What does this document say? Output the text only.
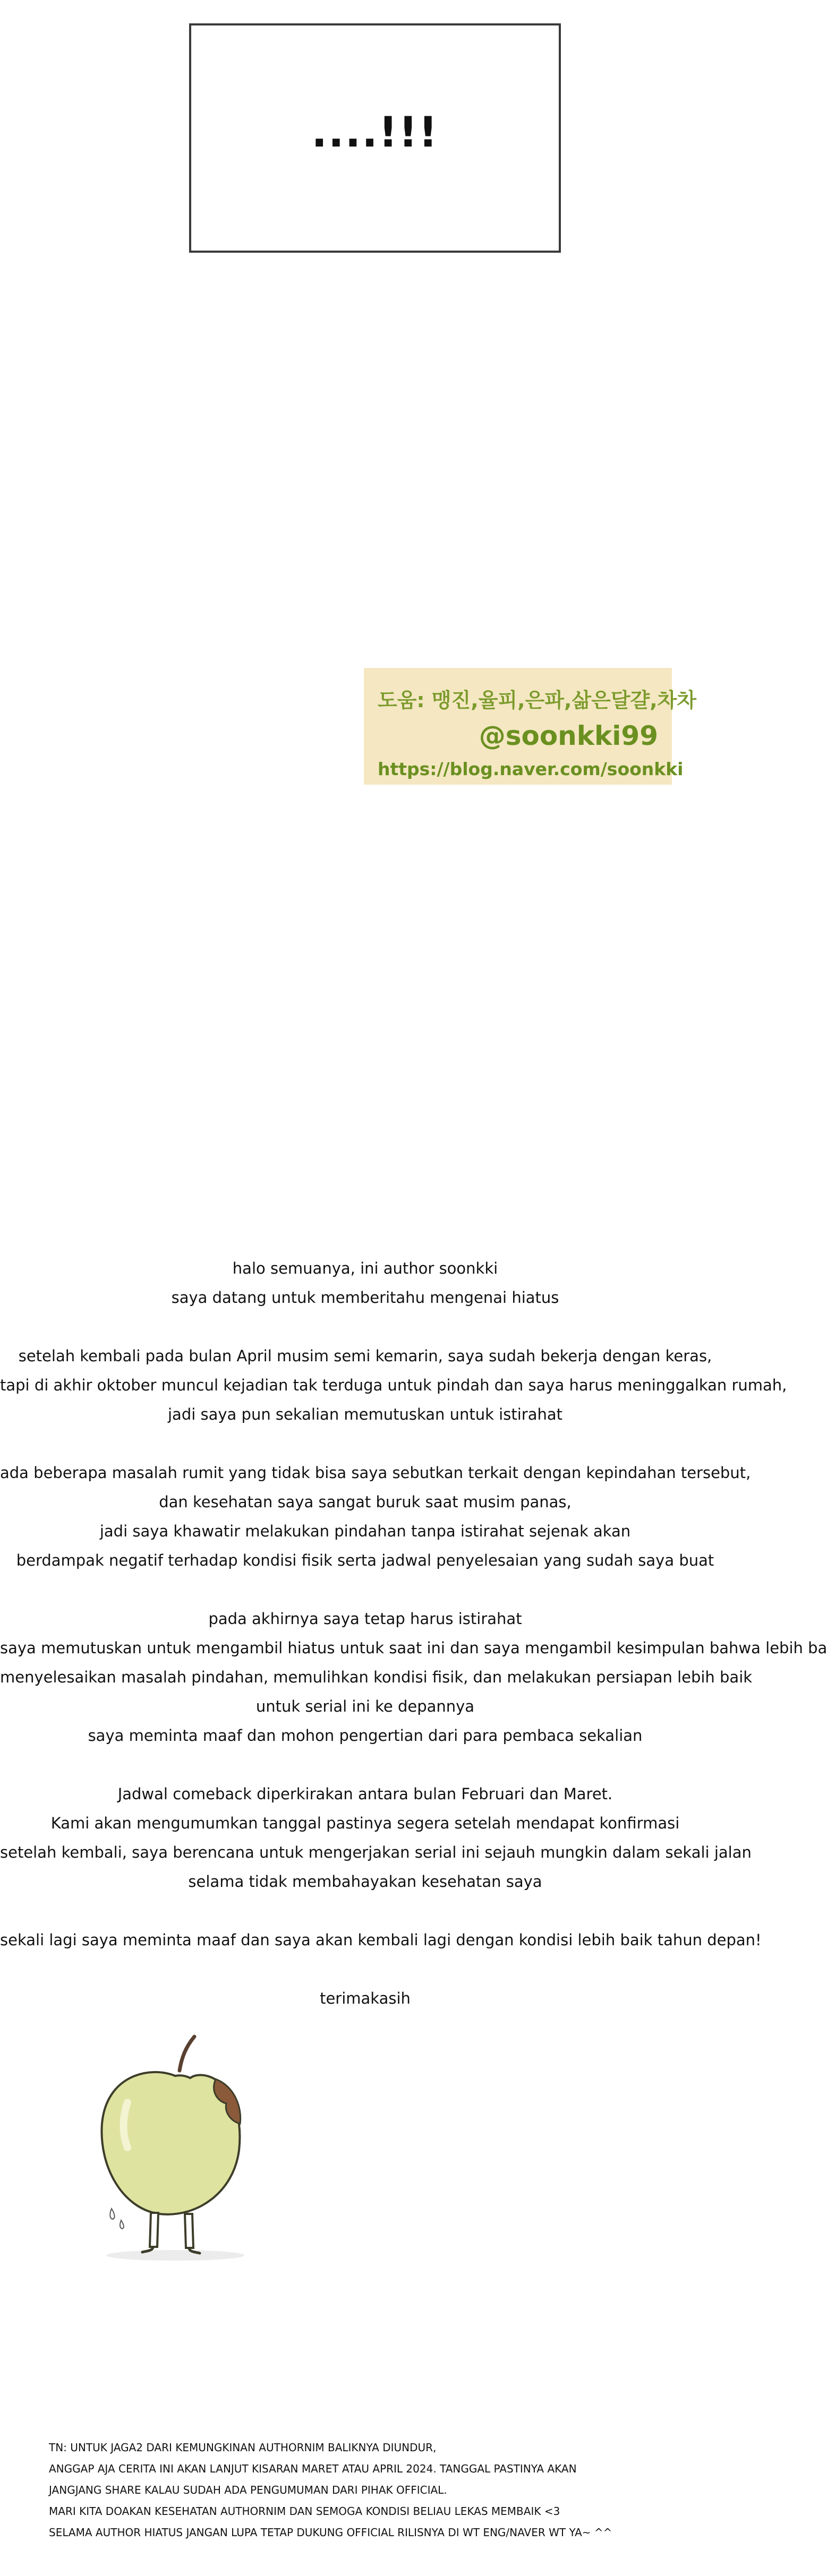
....!!!
도움: 맹진,율피,은파,삶은달걀,차차
@soonkki99
https://blog.naver.com/soonkki

halo semuanya, ini author soonkki

saya datang untuk memberitahu mengenai hiatus

setelah kembali pada bulan April musim semi kemarin, saya sudah bekerja dengan keras,

tapi di akhir oktober muncul kejadian tak terduga untuk pindah dan saya harus meninggalkan rumah,

jadi saya pun sekalian memutuskan untuk istirahat

ada beberapa masalah rumit yang tidak bisa saya sebutkan terkait dengan kepindahan tersebut,

dan kesehatan saya sangat buruk saat musim panas,

jadi saya khawatir melakukan pindahan tanpa istirahat sejenak akan

berdampak negatif terhadap kondisi fisik serta jadwal penyelesaian yang sudah saya buat

pada akhirnya saya tetap harus istirahat

saya memutuskan untuk mengambil hiatus untuk saat ini dan saya mengambil kesimpulan bahwa lebih ba

menyelesaikan masalah pindahan, memulihkan kondisi fisik, dan melakukan persiapan lebih baik

untuk serial ini ke depannya

saya meminta maaf dan mohon pengertian dari para pembaca sekalian

Jadwal comeback diperkirakan antara bulan Februari dan Maret.

Kami akan mengumumkan tanggal pastinya segera setelah mendapat konfirmasi

setelah kembali, saya berencana untuk mengerjakan serial ini sejauh mungkin dalam sekali jalan

selama tidak membahayakan kesehatan saya

sekali lagi saya meminta maaf dan saya akan kembali lagi dengan kondisi lebih baik tahun depan!

terimakasih

TN: UNTUK JAGA2 DARI KEMUNGKINAN AUTHORNIM BALIKNYA DIUNDUR,

ANGGAP AJA CERITA INI AKAN LANJUT KISARAN MARET ATAU APRIL 2024. TANGGAL PASTINYA AKAN

JANGJANG SHARE KALAU SUDAH ADA PENGUMUMAN DARI PIHAK OFFICIAL.

MARI KITA DOAKAN KESEHATAN AUTHORNIM DAN SEMOGA KONDISI BELIAU LEKAS MEMBAIK <3

SELAMA AUTHOR HIATUS JANGAN LUPA TETAP DUKUNG OFFICIAL RILISNYA DI WT ENG/NAVER WT YA~ ^^
